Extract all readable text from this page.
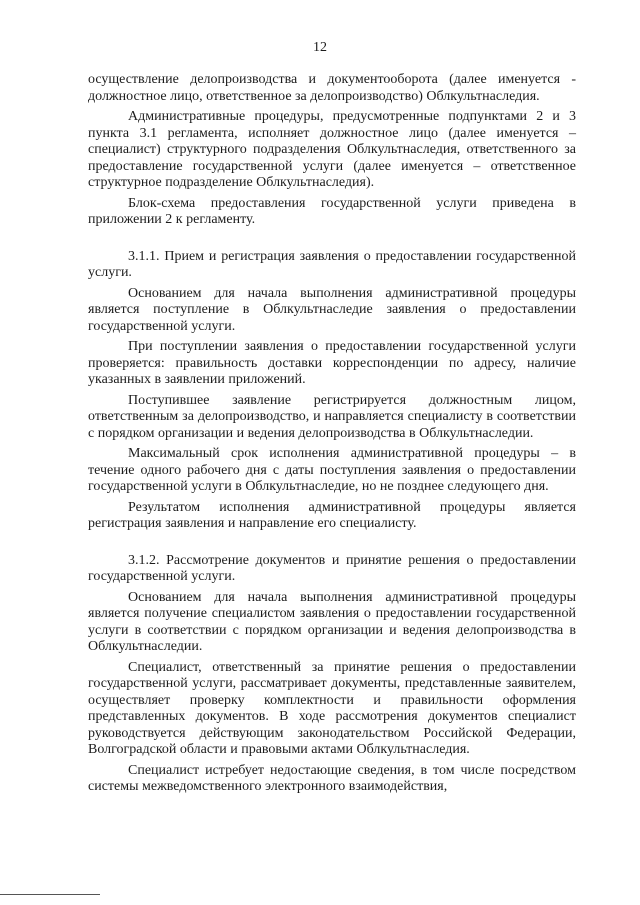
12

осуществление делопроизводства и документооборота (далее именуется - должностное лицо, ответственное за делопроизводство) Облкультнаследия.

Административные процедуры, предусмотренные подпунктами 2 и 3 пункта 3.1 регламента, исполняет должностное лицо (далее именуется – специалист) структурного подразделения Облкультнаследия, ответственного за предоставление государственной услуги (далее именуется – ответственное структурное подразделение Облкультнаследия).

Блок-схема предоставления государственной услуги приведена в приложении 2 к регламенту.

3.1.1. Прием и регистрация заявления о предоставлении государственной услуги.

Основанием для начала выполнения административной процедуры является поступление в Облкультнаследие заявления о предоставлении государственной услуги.

При поступлении заявления о предоставлении государственной услуги проверяется: правильность доставки корреспонденции по адресу, наличие указанных в заявлении приложений.

Поступившее заявление регистрируется должностным лицом, ответственным за делопроизводство, и направляется специалисту в соответствии с порядком организации и ведения делопроизводства в Облкультнаследии.

Максимальный срок исполнения административной процедуры – в течение одного рабочего дня с даты поступления заявления о предоставлении государственной услуги в Облкультнаследие, но не позднее следующего дня.

Результатом исполнения административной процедуры является регистрация заявления и направление его специалисту.

3.1.2. Рассмотрение документов и принятие решения о предоставлении государственной услуги.

Основанием для начала выполнения административной процедуры является получение специалистом заявления о предоставлении государственной услуги в соответствии с порядком организации и ведения делопроизводства в Облкультнаследии.

Специалист, ответственный за принятие решения о предоставлении государственной услуги, рассматривает документы, представленные заявителем, осуществляет проверку комплектности и правильности оформления представленных документов. В ходе рассмотрения документов специалист руководствуется действующим законодательством Российской Федерации, Волгоградской области и правовыми актами Облкультнаследия.

Специалист истребует недостающие сведения, в том числе посредством системы межведомственного электронного взаимодействия,
